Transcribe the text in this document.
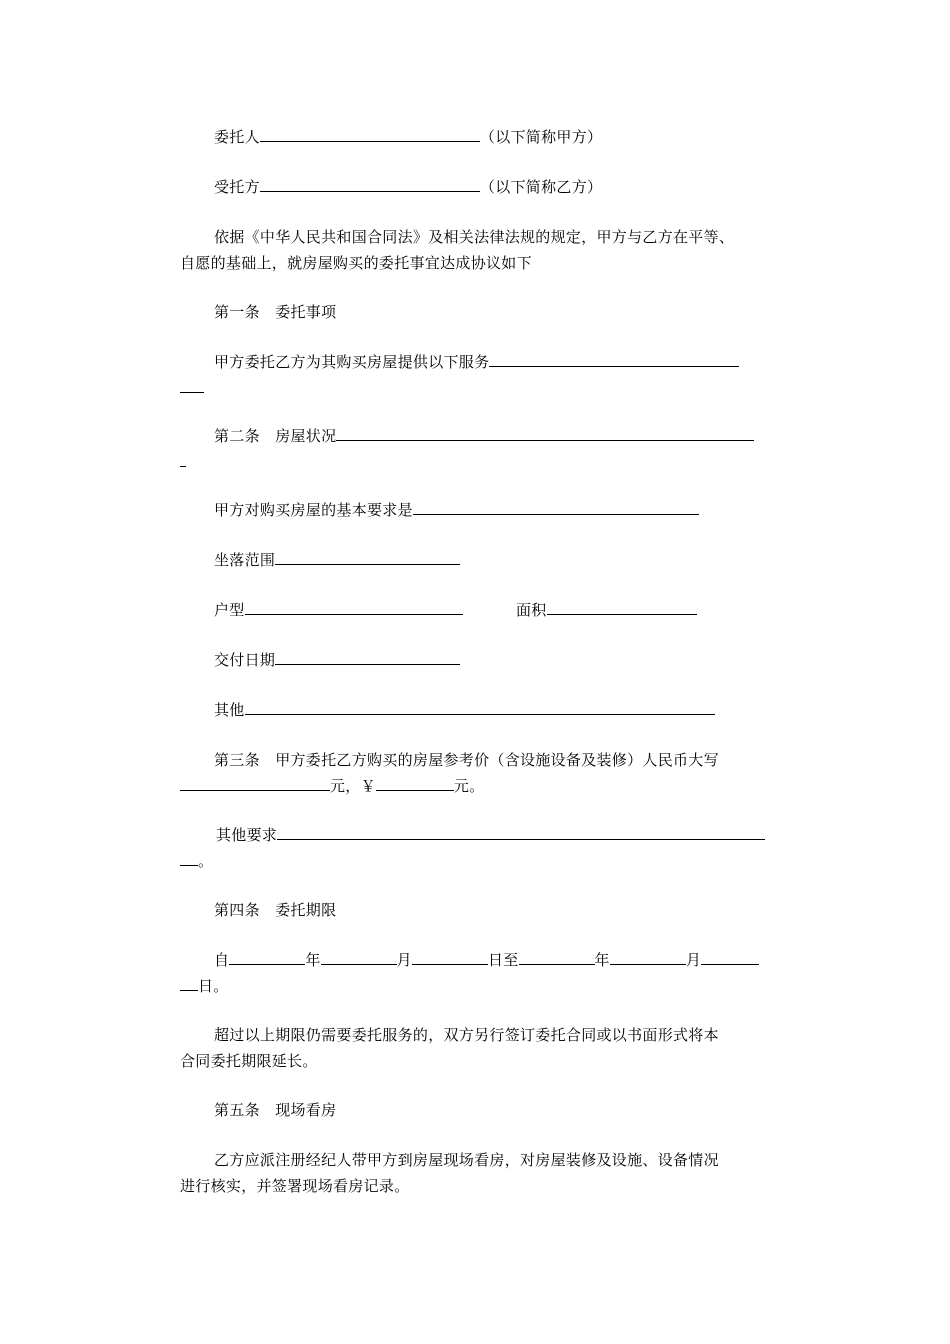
委托人	（以下简称甲方）
受托方	（以下简称乙方）
依据《中华人民共和国合同法》及相关法律法规的规定，甲方与乙方在平等、
自愿的基础上，就房屋购买的委托事宜达成协议如下
第一条　委托事项
甲方委托乙方为其购买房屋提供以下服务
第二条　房屋状况
甲方对购买房屋的基本要求是
坐落范围
户型	面积
交付日期
其他
第三条　甲方委托乙方购买的房屋参考价（含设施设备及装修）人民币大写
元，￥	元。
其他要求
。
第四条　委托期限
自	年	月	日至	年	月
日。
超过以上期限仍需要委托服务的，双方另行签订委托合同或以书面形式将本
合同委托期限延长。
第五条　现场看房
乙方应派注册经纪人带甲方到房屋现场看房，对房屋装修及设施、设备情况
进行核实，并签署现场看房记录。
